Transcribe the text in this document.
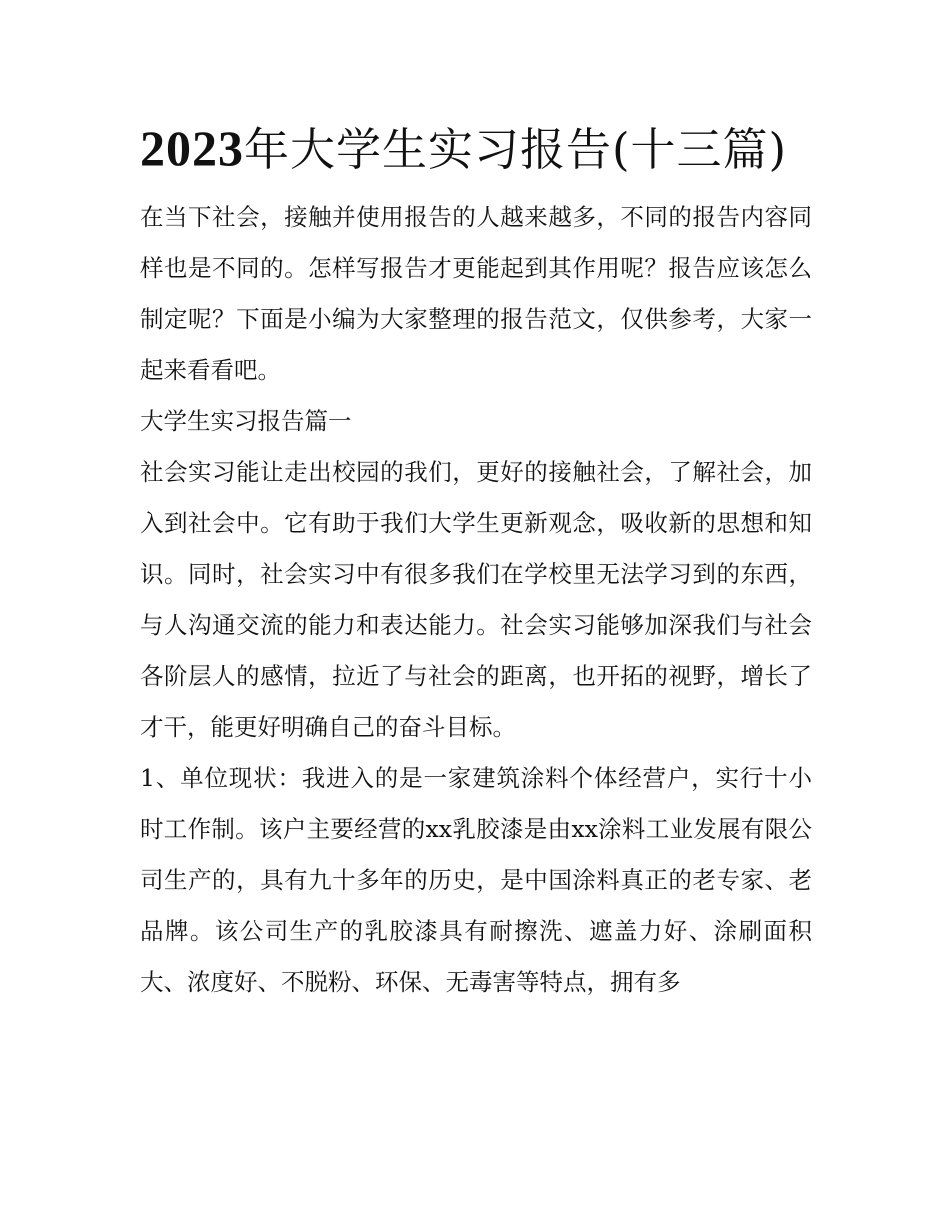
2023年大学生实习报告(十三篇)

在当下社会，接触并使用报告的人越来越多，不同的报告内容同样也是不同的。怎样写报告才更能起到其作用呢？报告应该怎么制定呢？下面是小编为大家整理的报告范文，仅供参考，大家一起来看看吧。

大学生实习报告篇一

社会实习能让走出校园的我们，更好的接触社会，了解社会，加入到社会中。它有助于我们大学生更新观念，吸收新的思想和知识。同时，社会实习中有很多我们在学校里无法学习到的东西，与人沟通交流的能力和表达能力。社会实习能够加深我们与社会各阶层人的感情，拉近了与社会的距离，也开拓的视野，增长了才干，能更好明确自己的奋斗目标。

1、单位现状：我进入的是一家建筑涂料个体经营户，实行十小时工作制。该户主要经营的xx乳胶漆是由xx涂料工业发展有限公司生产的，具有九十多年的历史，是中国涂料真正的老专家、老品牌。该公司生产的乳胶漆具有耐擦洗、遮盖力好、涂刷面积大、浓度好、不脱粉、环保、无毒害等特点，拥有多
